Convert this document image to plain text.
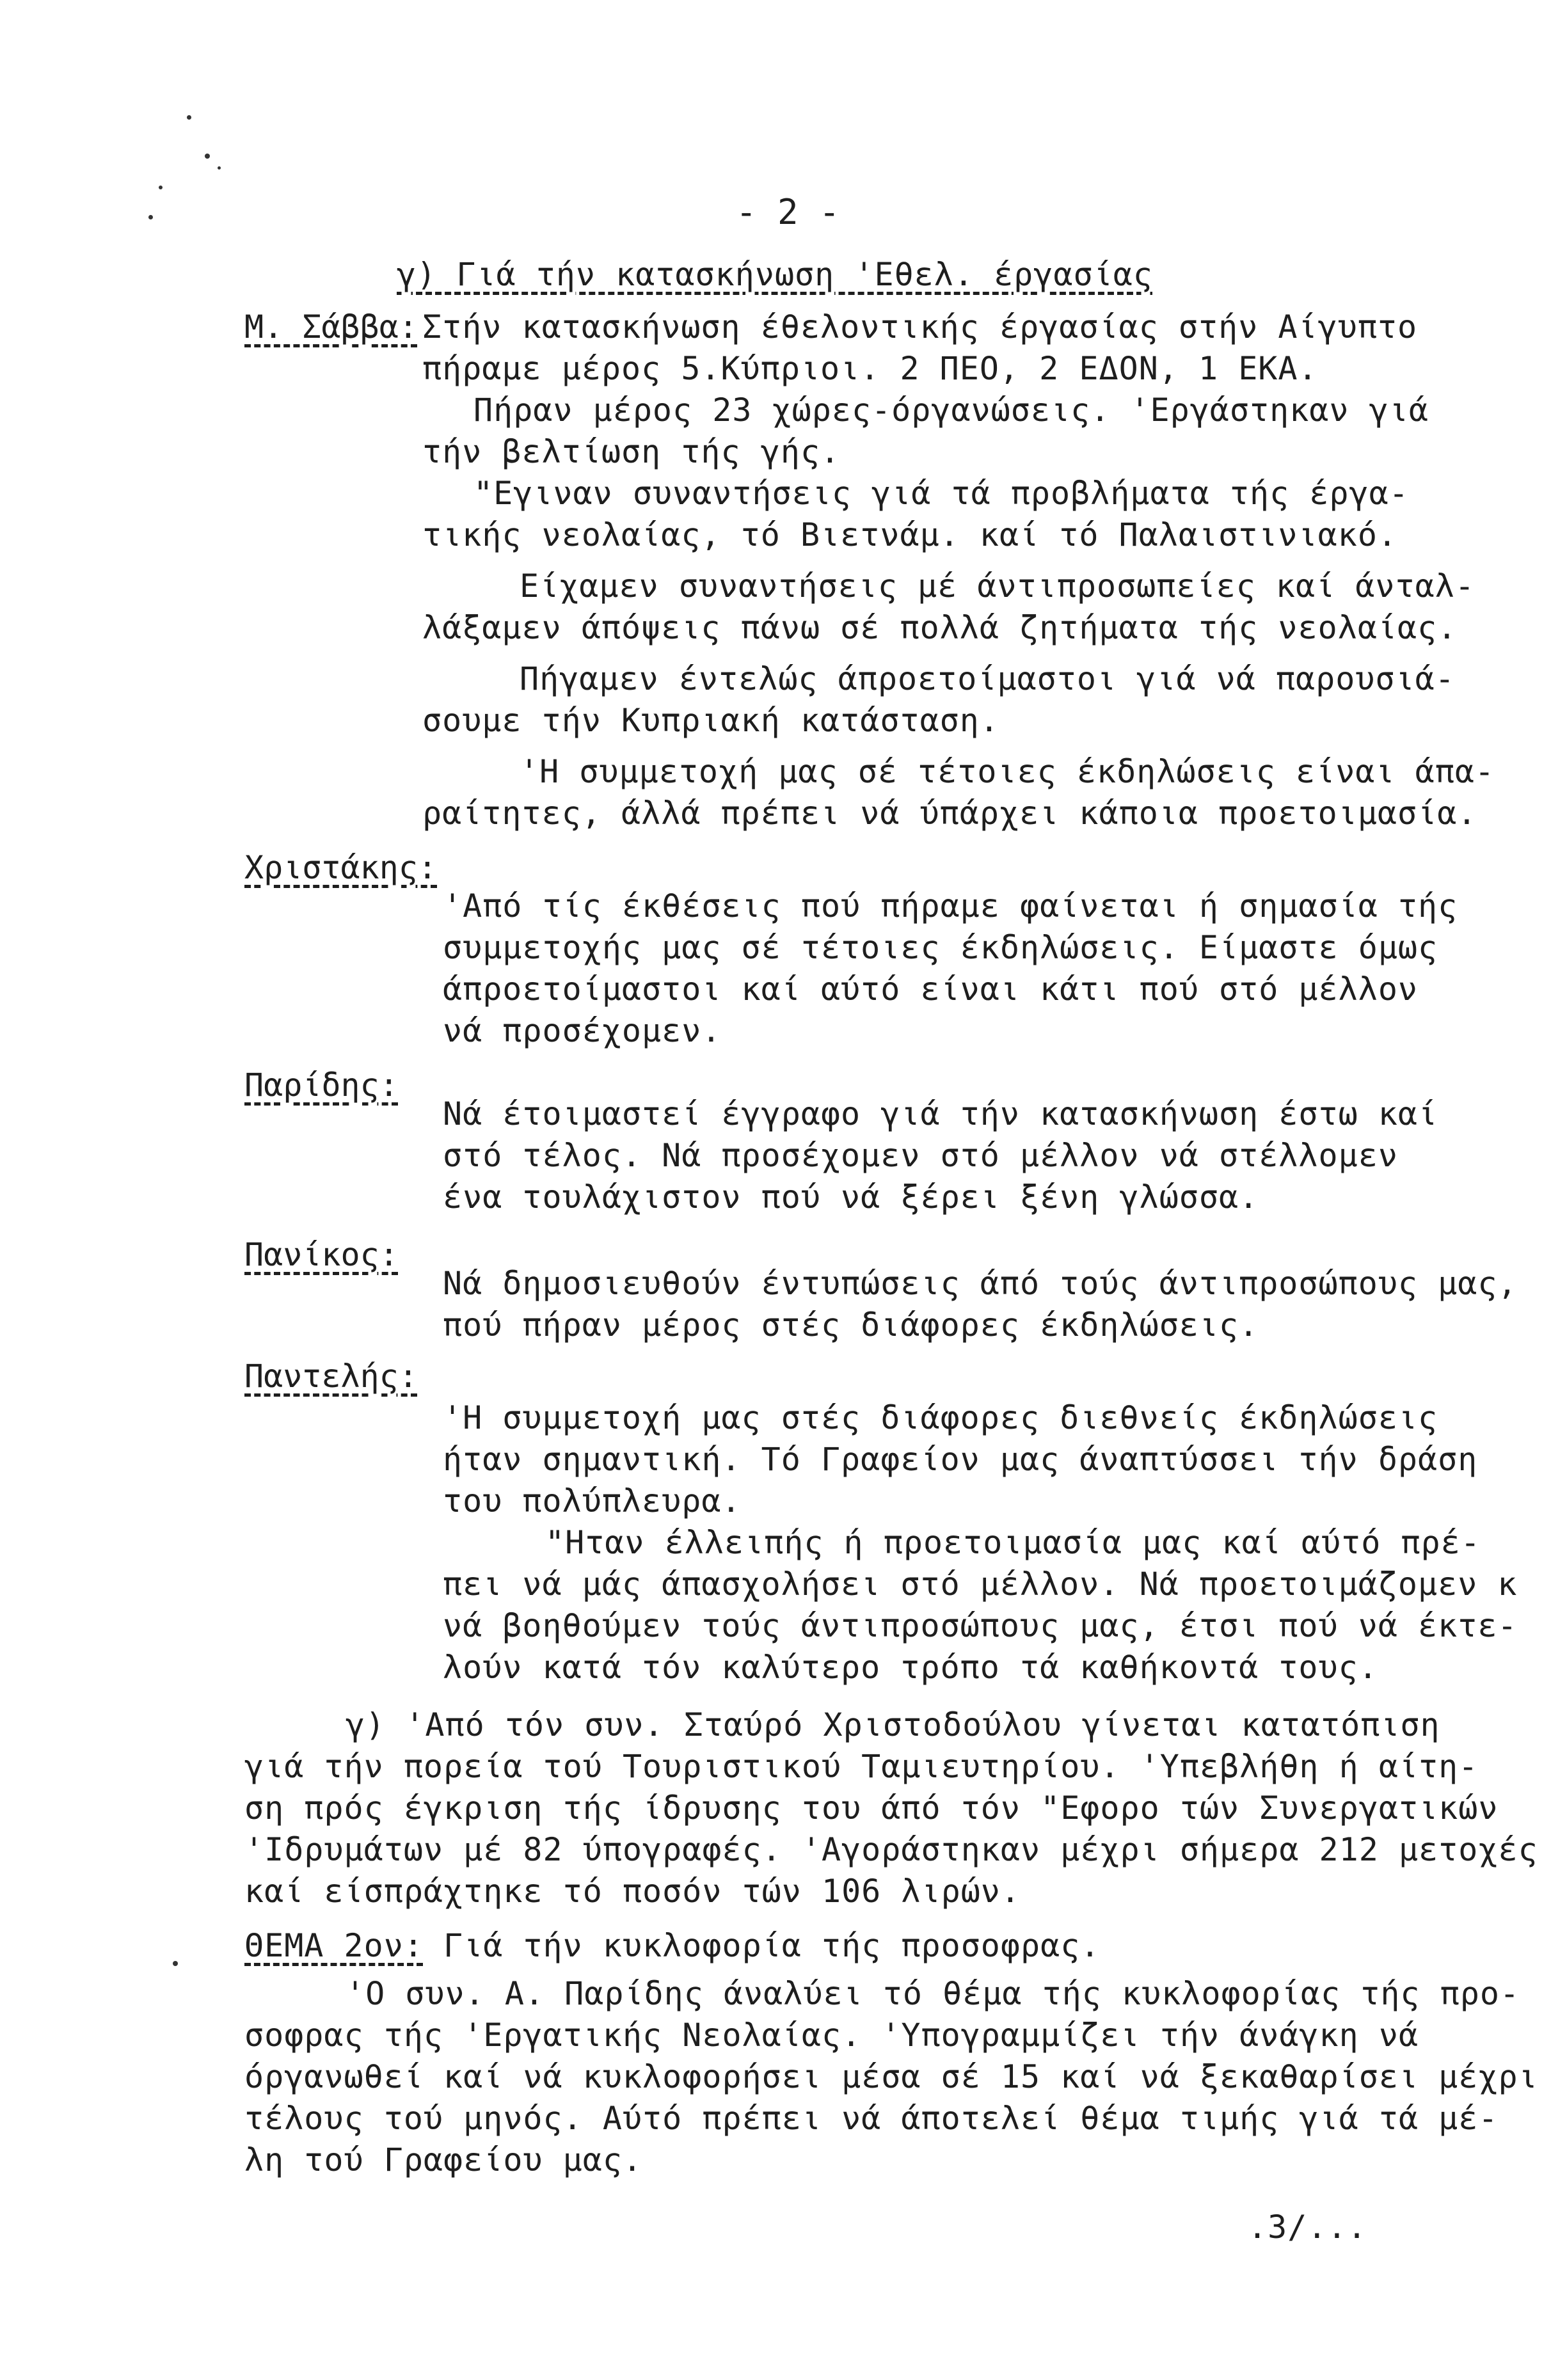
- 2 -
γ) Γιά τήν κατασκήνωση 'Εθελ. έργασίας
Μ. Σάββα: Στήν κατασκήνωση έθελοντικής έργασίας στήν Αίγυπτο
πήραμε μέρος 5.Κύπριοι. 2 ΠΕΟ, 2 ΕΔΟΝ, 1 ΕΚΑ.
Πήραν μέρος 23 χώρες-όργανώσεις. 'Εργάστηκαν γιά
τήν βελτίωση τής γής.
"Εγιναν συναντήσεις γιά τά προβλήματα τής έργα-
τικής νεολαίας, τό Βιετνάμ. καί τό Παλαιστινιακό.
Είχαμεν συναντήσεις μέ άντιπροσωπείες καί άνταλ-
λάξαμεν άπόψεις πάνω σέ πολλά ζητήματα τής νεολαίας.
Πήγαμεν έντελώς άπροετοίμαστοι γιά νά παρουσιά-
σουμε τήν Κυπριακή κατάσταση.
'Η συμμετοχή μας σέ τέτοιες έκδηλώσεις είναι άπα-
ραίτητες, άλλά πρέπει νά ύπάρχει κάποια προετοιμασία.
Χριστάκης:
'Από τίς έκθέσεις πού πήραμε φαίνεται ή σημασία τής
συμμετοχής μας σέ τέτοιες έκδηλώσεις. Είμαστε όμως
άπροετοίμαστοι καί αύτό είναι κάτι πού στό μέλλον
νά προσέχομεν.
Παρίδης:
Νά έτοιμαστεί έγγραφο γιά τήν κατασκήνωση έστω καί
στό τέλος. Νά προσέχομεν στό μέλλον νά στέλλομεν
ένα τουλάχιστον πού νά ξέρει ξένη γλώσσα.
Πανίκος:
Νά δημοσιευθούν έντυπώσεις άπό τούς άντιπροσώπους μας,
πού πήραν μέρος στές διάφορες έκδηλώσεις.
Παντελής:
'Η συμμετοχή μας στές διάφορες διεθνείς έκδηλώσεις
ήταν σημαντική. Τό Γραφείον μας άναπτύσσει τήν δράση
του πολύπλευρα.
"Ηταν έλλειπής ή προετοιμασία μας καί αύτό πρέ-
πει νά μάς άπασχολήσει στό μέλλον. Νά προετοιμάζομεν κ
νά βοηθούμεν τούς άντιπροσώπους μας, έτσι πού νά έκτε-
λούν κατά τόν καλύτερο τρόπο τά καθήκοντά τους.
γ) 'Από τόν συν. Σταύρό Χριστοδούλου γίνεται κατατόπιση
γιά τήν πορεία τού Τουριστικού Ταμιευτηρίου. 'Υπεβλήθη ή αίτη-
ση πρός έγκριση τής ίδρυσης του άπό τόν "Εφορο τών Συνεργατικών
'Ιδρυμάτων μέ 82 ύπογραφές. 'Αγοράστηκαν μέχρι σήμερα 212 μετοχές
καί είσπράχτηκε τό ποσόν τών 106 λιρών.
ΘΕΜΑ 2ον: Γιά τήν κυκλοφορία τής προσοφρας.
'Ο συν. Α. Παρίδης άναλύει τό θέμα τής κυκλοφορίας τής προ-
σοφρας τής 'Εργατικής Νεολαίας. 'Υπογραμμίζει τήν άνάγκη νά
όργανωθεί καί νά κυκλοφορήσει μέσα σέ 15 καί νά ξεκαθαρίσει μέχρι
τέλους τού μηνός. Αύτό πρέπει νά άποτελεί θέμα τιμής γιά τά μέ-
λη τού Γραφείου μας.
.3/...
